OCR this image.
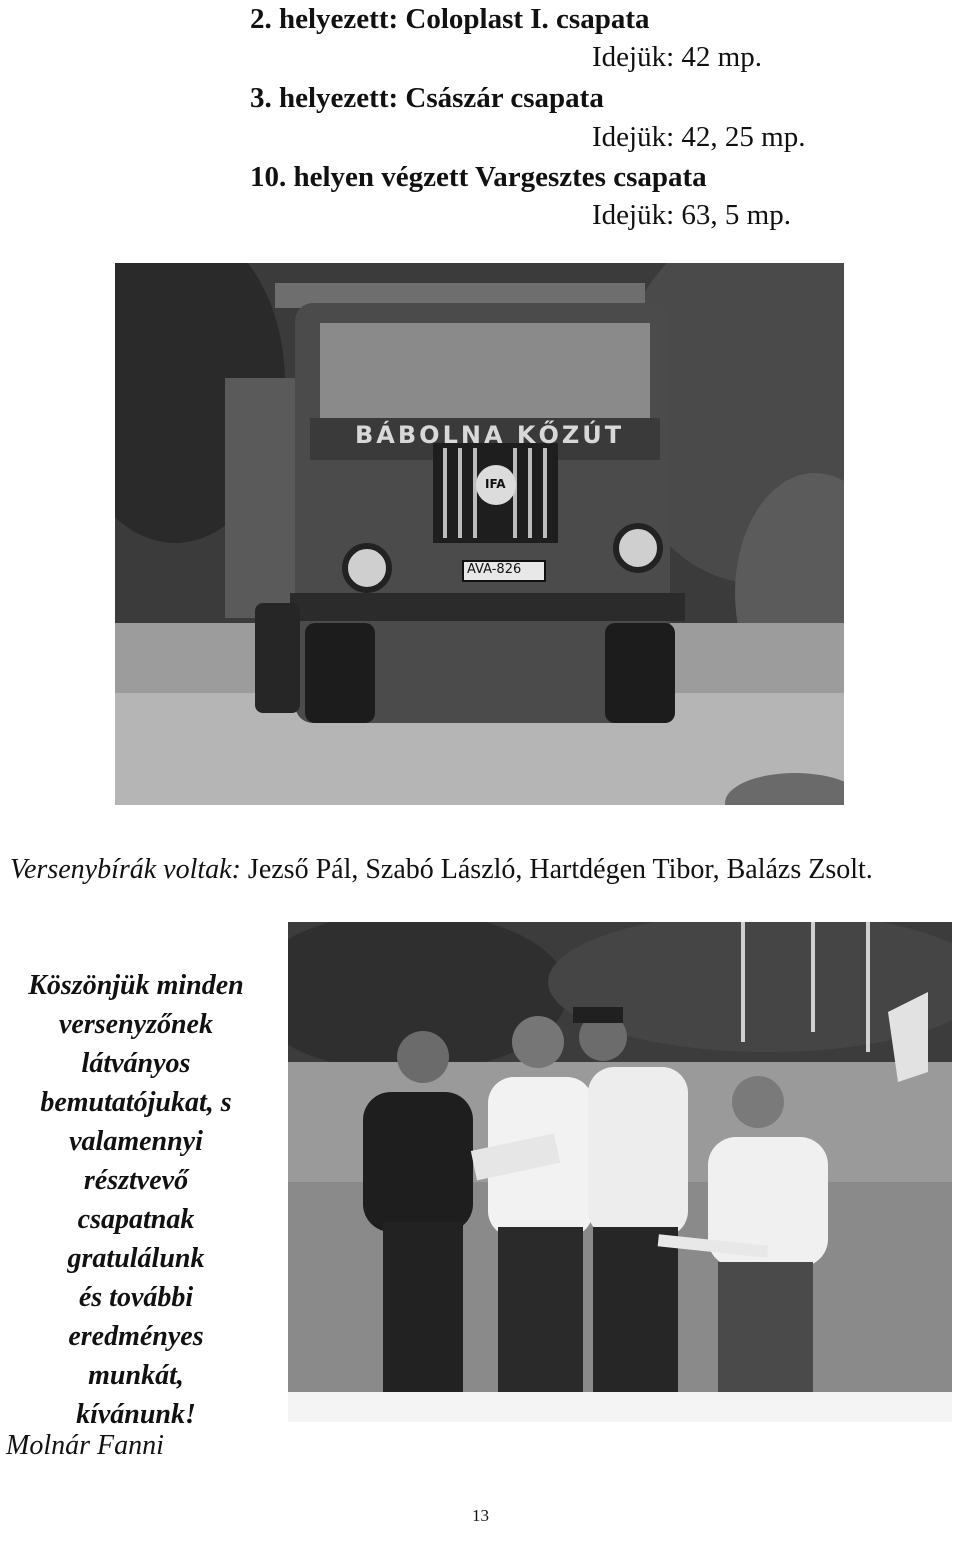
2. helyezett: Coloplast I. csapata
Idejük: 42 mp.
3. helyezett: Császár csapata
Idejük: 42, 25 mp.
10. helyen végzett Vargesztes csapata
Idejük: 63, 5 mp.
BÁBOLNA KŐZÚT
IFA
AVA-826
Versenybírák voltak: Jezső Pál, Szabó László, Hartdégen Tibor, Balázs Zsolt.
Köszönjük minden
versenyzőnek
látványos
bemutatójukat, s
valamennyi
résztvevő
csapatnak
gratulálunk
és további
eredményes
munkát,
kívánunk!
Molnár Fanni
13
